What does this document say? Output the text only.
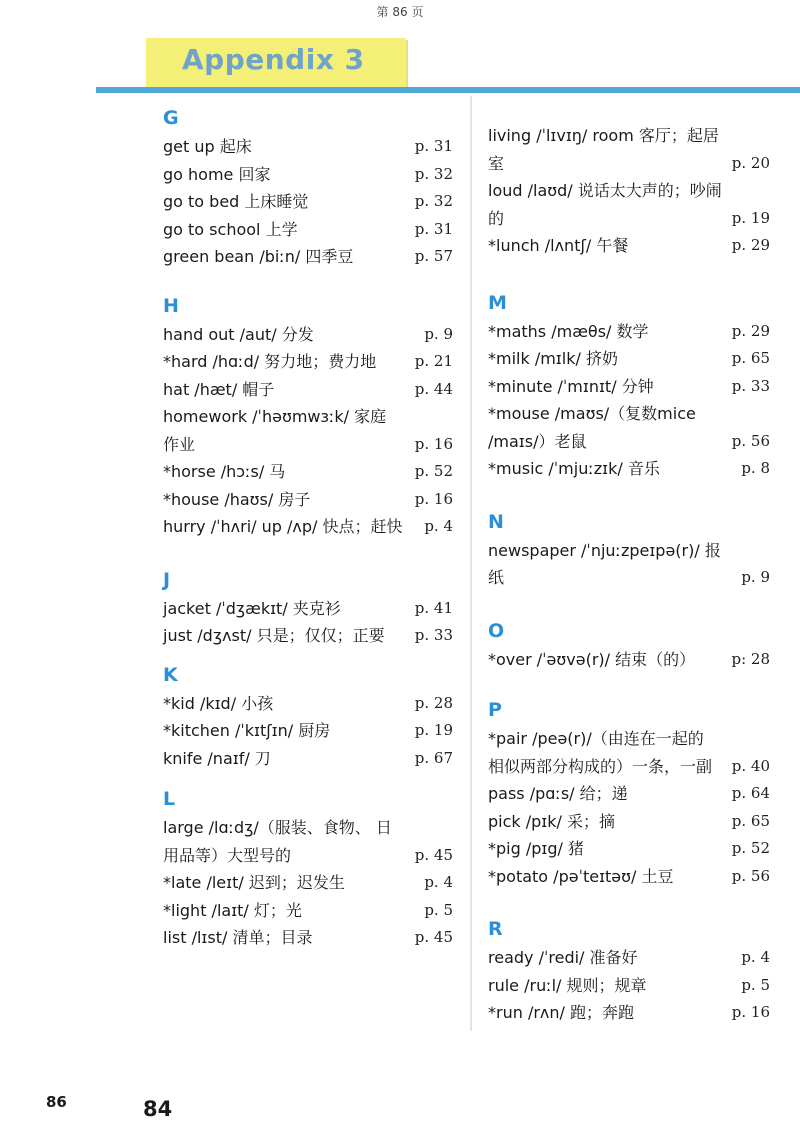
第 86 页
Appendix 3
G
get up 起床	p. 31
go home 回家	p. 32
go to bed 上床睡觉	p. 32
go to school 上学	p. 31
green bean /biːn/ 四季豆	p. 57
H
hand out /aut/ 分发	p. 9
*hard /hɑːd/ 努力地；费力地	p. 21
hat /hæt/ 帽子	p. 44
homework /ˈhəʊmwɜːk/ 家庭 作业	p. 16
*horse /hɔːs/ 马	p. 52
*house /haʊs/ 房子	p. 16
hurry /ˈhʌri/ up /ʌp/ 快点；赶快	p. 4
J
jacket /ˈdʒækɪt/ 夹克衫	p. 41
just /dʒʌst/ 只是；仅仅；正要	p. 33
K
*kid /kɪd/ 小孩	p. 28
*kitchen /ˈkɪtʃɪn/ 厨房	p. 19
knife /naɪf/ 刀	p. 67
L
large /lɑːdʒ/（服装、食物、 日用品等）大型号的	p. 45
*late /leɪt/ 迟到；迟发生	p. 4
*light /laɪt/ 灯；光	p. 5
list /lɪst/ 清单；目录	p. 45
living /ˈlɪvɪŋ/ room 客厅；起居室	p. 20
loud /laʊd/ 说话太大声的；吵闹的	p. 19
*lunch /lʌntʃ/ 午餐	p. 29
M
*maths /mæθs/ 数学	p. 29
*milk /mɪlk/ 挤奶	p. 65
*minute /ˈmɪnɪt/ 分钟	p. 33
*mouse /maʊs/（复数mice /maɪs/）老鼠	p. 56
*music /ˈmjuːzɪk/ 音乐	p. 8
N
newspaper /ˈnjuːzpeɪpə(r)/ 报纸	p. 9
O
*over /ˈəʊvə(r)/ 结束（的）	p: 28
P
*pair /peə(r)/（由连在一起的 相似两部分构成的）一条，一副	p. 40
pass /pɑːs/ 给；递	p. 64
pick /pɪk/ 采；摘	p. 65
*pig /pɪg/ 猪	p. 52
*potato /pəˈteɪtəʊ/ 土豆	p. 56
R
ready /ˈredi/ 准备好	p. 4
rule /ruːl/ 规则；规章	p. 5
*run /rʌn/ 跑；奔跑	p. 16
86	84
